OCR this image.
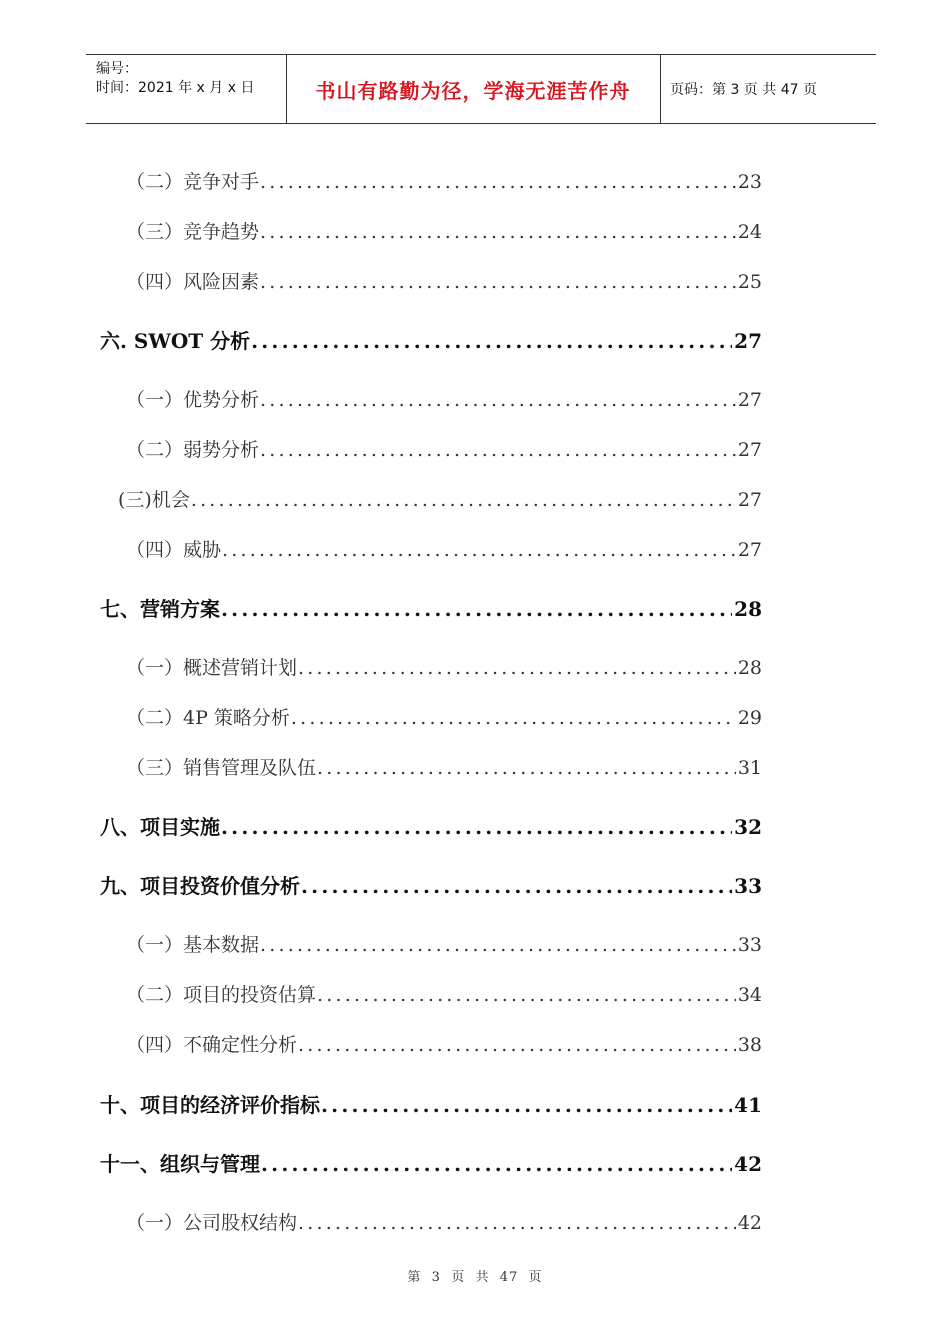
编号：
时间：2021 年 x 月 x 日	书山有路勤为径，学海无涯苦作舟	页码：第 3 页 共 47 页
（二）竞争对手 .....	23
（三）竞争趋势 .....	24
（四）风险因素 .....	25
六. SWOT 分析 .....	27
（一）优势分析 .....	27
（二）弱势分析 .....	27
(三)机会 .....	27
（四）威胁 .....	27
七、营销方案 .....	28
（一）概述营销计划 .....	28
（二）4P 策略分析 .....	29
（三）销售管理及队伍 .....	31
八、项目实施 .....	32
九、项目投资价值分析 .....	33
（一）基本数据 .....	33
（二）项目的投资估算 .....	34
（四）不确定性分析 .....	38
十、项目的经济评价指标 .....	41
十一、组织与管理 .....	42
（一）公司股权结构 .....	42
第  3  页  共  47  页
